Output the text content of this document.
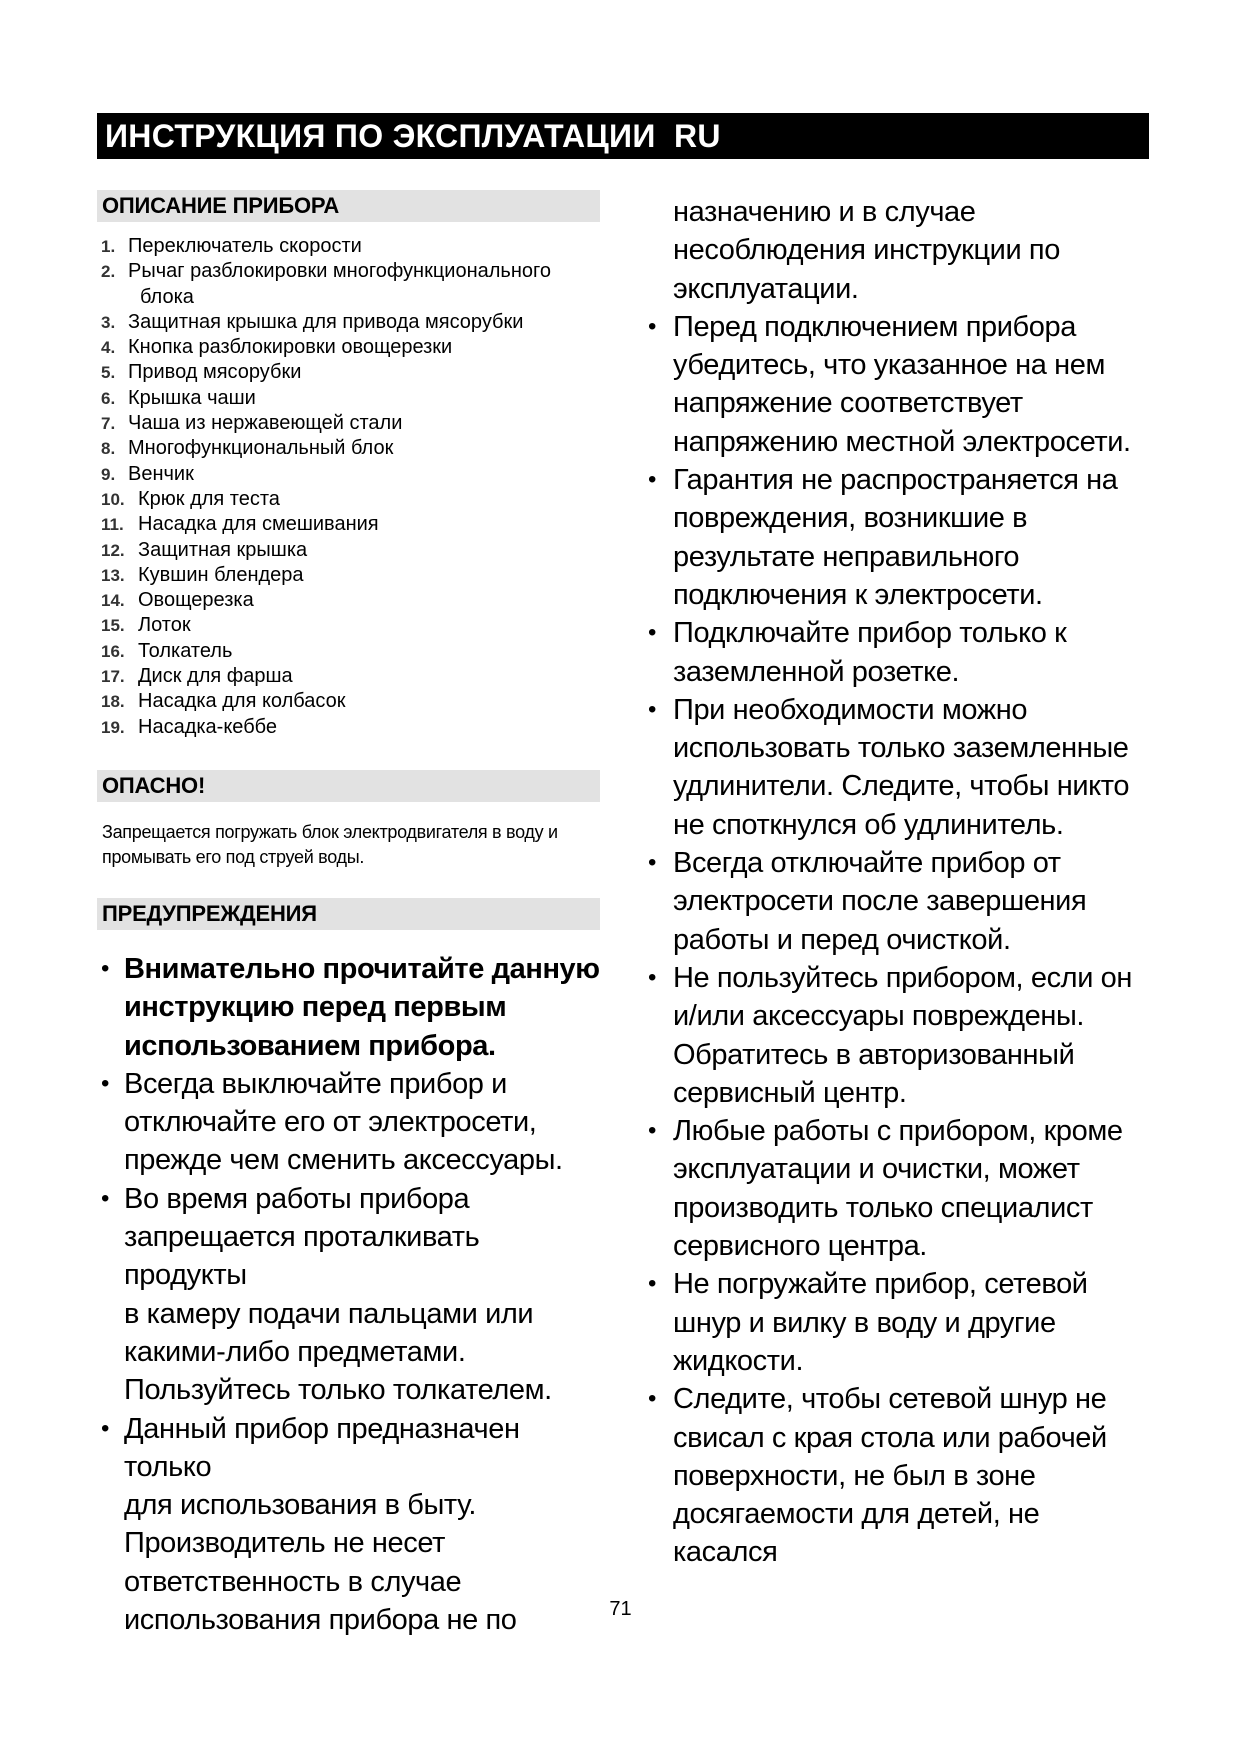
ИНСТРУКЦИЯ ПО ЭКСПЛУАТАЦИИ  RU
ОПИСАНИЕ ПРИБОРА
1. Переключатель скорости
2. Рычаг разблокировки многофункционального
блока
3. Защитная крышка для привода мясорубки
4. Кнопка разблокировки овощерезки
5. Привод мясорубки
6. Крышка чаши
7. Чаша из нержавеющей стали
8. Многофункциональный блок
9. Венчик
10. Крюк для теста
11. Насадка для смешивания
12. Защитная крышка
13. Кувшин блендера
14. Овощерезка
15. Лоток
16. Толкатель
17. Диск для фарша
18. Насадка для колбасок
19. Насадка-кеббе
ОПАСНО!
Запрещается погружать блок электродвигателя в воду и
промывать его под струей воды.
ПРЕДУПРЕЖДЕНИЯ
• Внимательно прочитайте данную
инструкцию перед первым
использованием прибора.
• Всегда выключайте прибор и
отключайте его от электросети,
прежде чем сменить аксессуары.
• Во время работы прибора
запрещается проталкивать продукты
в камеру подачи пальцами или
какими-либо предметами.
Пользуйтесь только толкателем.
• Данный прибор предназначен только
для использования в быту.
Производитель не несет
ответственность в случае
использования прибора не по
назначению и в случае
несоблюдения инструкции по
эксплуатации.
• Перед подключением прибора
убедитесь, что указанное на нем
напряжение соответствует
напряжению местной электросети.
• Гарантия не распространяется на
повреждения, возникшие в
результате неправильного
подключения к электросети.
• Подключайте прибор только к
заземленной розетке.
• При необходимости можно
использовать только заземленные
удлинители. Следите, чтобы никто
не споткнулся об удлинитель.
• Всегда отключайте прибор от
электросети после завершения
работы и перед очисткой.
• Не пользуйтесь прибором, если он
и/или аксессуары повреждены.
Обратитесь в авторизованный
сервисный центр.
• Любые работы с прибором, кроме
эксплуатации и очистки, может
производить только специалист
сервисного центра.
• Не погружайте прибор, сетевой
шнур и вилку в воду и другие
жидкости.
• Следите, чтобы сетевой шнур не
свисал с края стола или рабочей
поверхности, не был в зоне
досягаемости для детей, не касался
71
